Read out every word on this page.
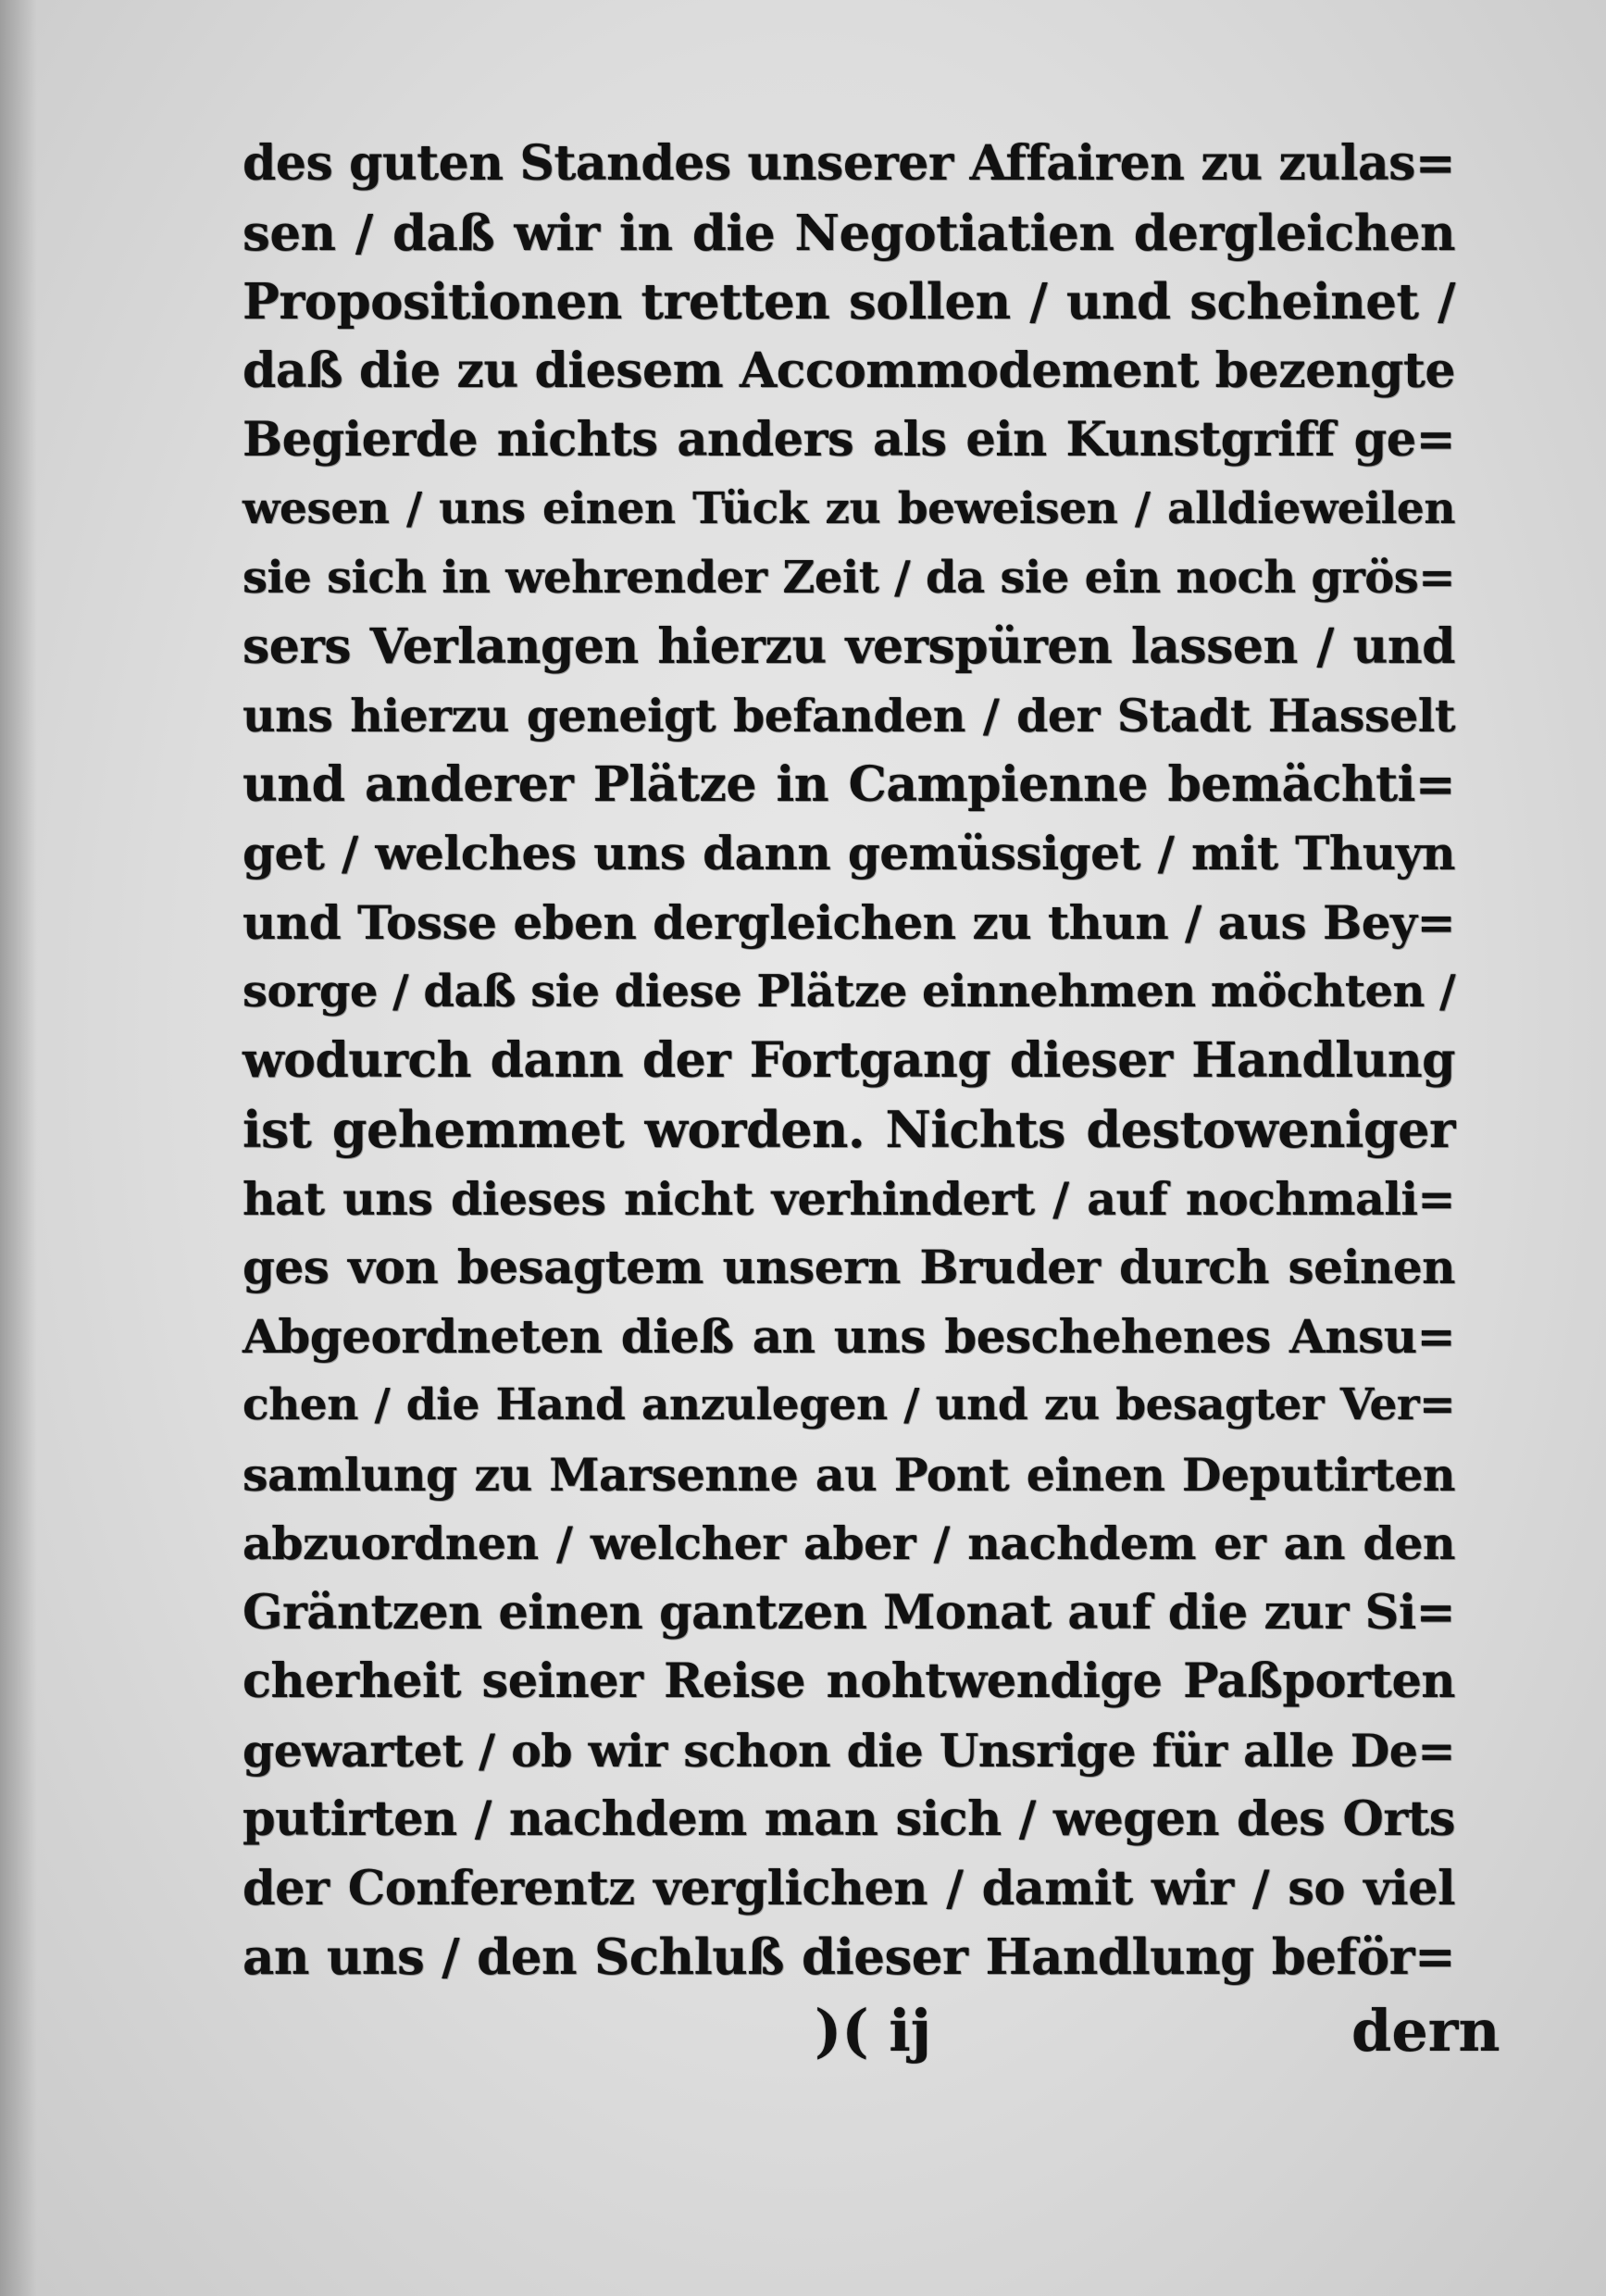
des guten Standes unserer Affairen zu zulas=
sen / daß wir in die Negotiatien dergleichen
Propositionen tretten sollen / und scheinet /
daß die zu diesem Accommodement bezengte
Begierde nichts anders als ein Kunstgriff ge=
wesen / uns einen Tück zu beweisen / alldieweilen
sie sich in wehrender Zeit / da sie ein noch grös=
sers Verlangen hierzu verspüren lassen / und
uns hierzu geneigt befanden / der Stadt Hasselt
und anderer Plätze in Campienne bemächti=
get / welches uns dann gemüssiget / mit Thuyn
und Tosse eben dergleichen zu thun / aus Bey=
sorge / daß sie diese Plätze einnehmen möchten /
wodurch dann der Fortgang dieser Handlung
ist gehemmet worden. Nichts destoweniger
hat uns dieses nicht verhindert / auf nochmali=
ges von besagtem unsern Bruder durch seinen
Abgeordneten dieß an uns beschehenes Ansu=
chen / die Hand anzulegen / und zu besagter Ver=
samlung zu Marsenne au Pont einen Deputirten
abzuordnen / welcher aber / nachdem er an den
Gräntzen einen gantzen Monat auf die zur Si=
cherheit seiner Reise nohtwendige Paßporten
gewartet / ob wir schon die Unsrige für alle De=
putirten / nachdem man sich / wegen des Orts
der Conferentz verglichen / damit wir / so viel
an uns / den Schluß dieser Handlung beför=
)( ij	dern
